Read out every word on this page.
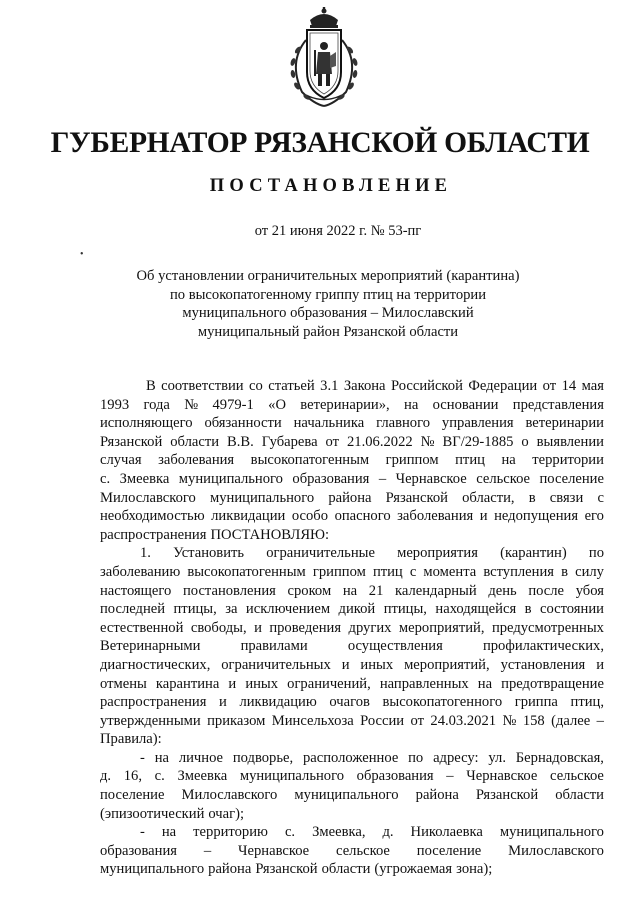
ГУБЕРНАТОР РЯЗАНСКОЙ ОБЛАСТИ
ПОСТАНОВЛЕНИЕ
от 21 июня 2022 г. № 53-пг
•
Об установлении ограничительных мероприятий (карантина)
по высокопатогенному гриппу птиц на территории
муниципального образования – Милославский
муниципальный район Рязанской области
В соответствии со статьей 3.1 Закона Российской Федерации от 14 мая
1993 года № 4979-1 «О ветеринарии», на основании представления
исполняющего обязанности начальника главного управления ветеринарии
Рязанской области В.В. Губарева от 21.06.2022 № ВГ/29-1885 о выявлении
случая заболевания высокопатогенным гриппом птиц на территории
с. Змеевка муниципального образования – Чернавское сельское поселение
Милославского муниципального района Рязанской области, в связи с
необходимостью ликвидации особо опасного заболевания и недопущения его
распространения ПОСТАНОВЛЯЮ:
1. Установить ограничительные мероприятия (карантин) по
заболеванию высокопатогенным гриппом птиц с момента вступления в силу
настоящего постановления сроком на 21 календарный день после убоя
последней птицы, за исключением дикой птицы, находящейся в состоянии
естественной свободы, и проведения других мероприятий, предусмотренных
Ветеринарными	правилами	осуществления	профилактических,
диагностических, ограничительных и иных мероприятий, установления и
отмены карантина и иных ограничений, направленных на предотвращение
распространения и ликвидацию очагов высокопатогенного гриппа птиц,
утвержденными приказом Минсельхоза России от 24.03.2021 № 158 (далее –
Правила):
- на личное подворье, расположенное по адресу: ул. Бернадовская,
д. 16, с. Змеевка муниципального образования – Чернавское сельское
поселение Милославского муниципального района Рязанской области
(эпизоотический очаг);
- на территорию с. Змеевка, д. Николаевка муниципального
образования – Чернавское сельское поселение Милославского
муниципального района Рязанской области (угрожаемая зона);
